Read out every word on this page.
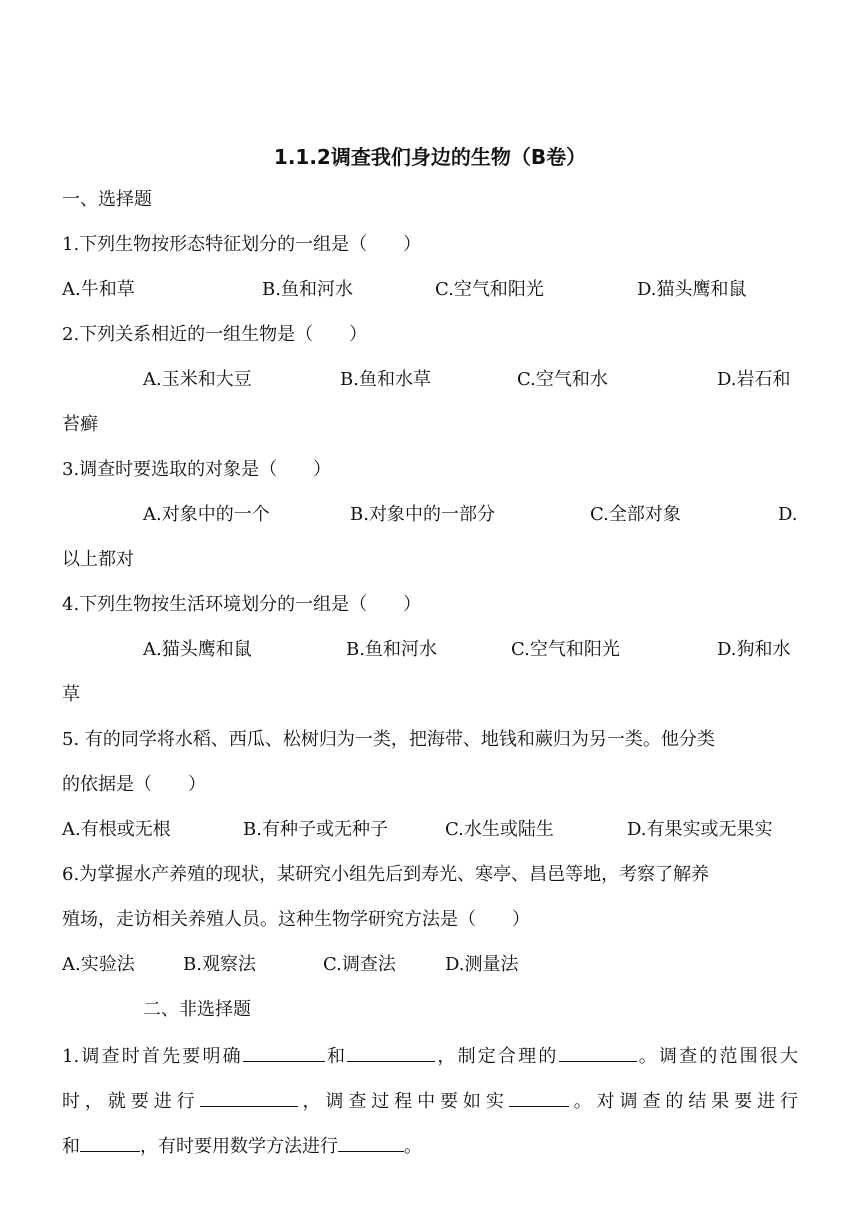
1.1.2调查我们身边的生物（B卷）
一、选择题
1.下列生物按形态特征划分的一组是（　　）
A.牛和草	B.鱼和河水	C.空气和阳光	D.猫头鹰和鼠
2.下列关系相近的一组生物是（　　）
A.玉米和大豆	B.鱼和水草	C.空气和水	D.岩石和
苔癣
3.调查时要选取的对象是（　　）
A.对象中的一个	B.对象中的一部分	C.全部对象	D.
以上都对
4.下列生物按生活环境划分的一组是（　　）
A.猫头鹰和鼠	B.鱼和河水	C.空气和阳光	D.狗和水
草
5. 有的同学将水稻、西瓜、松树归为一类，把海带、地钱和蕨归为另一类。他分类
的依据是（　　）
A.有根或无根	B.有种子或无种子	C.水生或陆生	D.有果实或无果实
6.为掌握水产养殖的现状，某研究小组先后到寿光、寒亭、昌邑等地，考察了解养
殖场，走访相关养殖人员。这种生物学研究方法是（　　）
A.实验法	B.观察法	C.调查法	D.测量法
二、非选择题
1.调查时首先要明确	和	，制定合理的	。调查的范围很大
时，就要进行	，调查过程中要如实	。对调查的结果要进行
和	，有时要用数学方法进行	。
